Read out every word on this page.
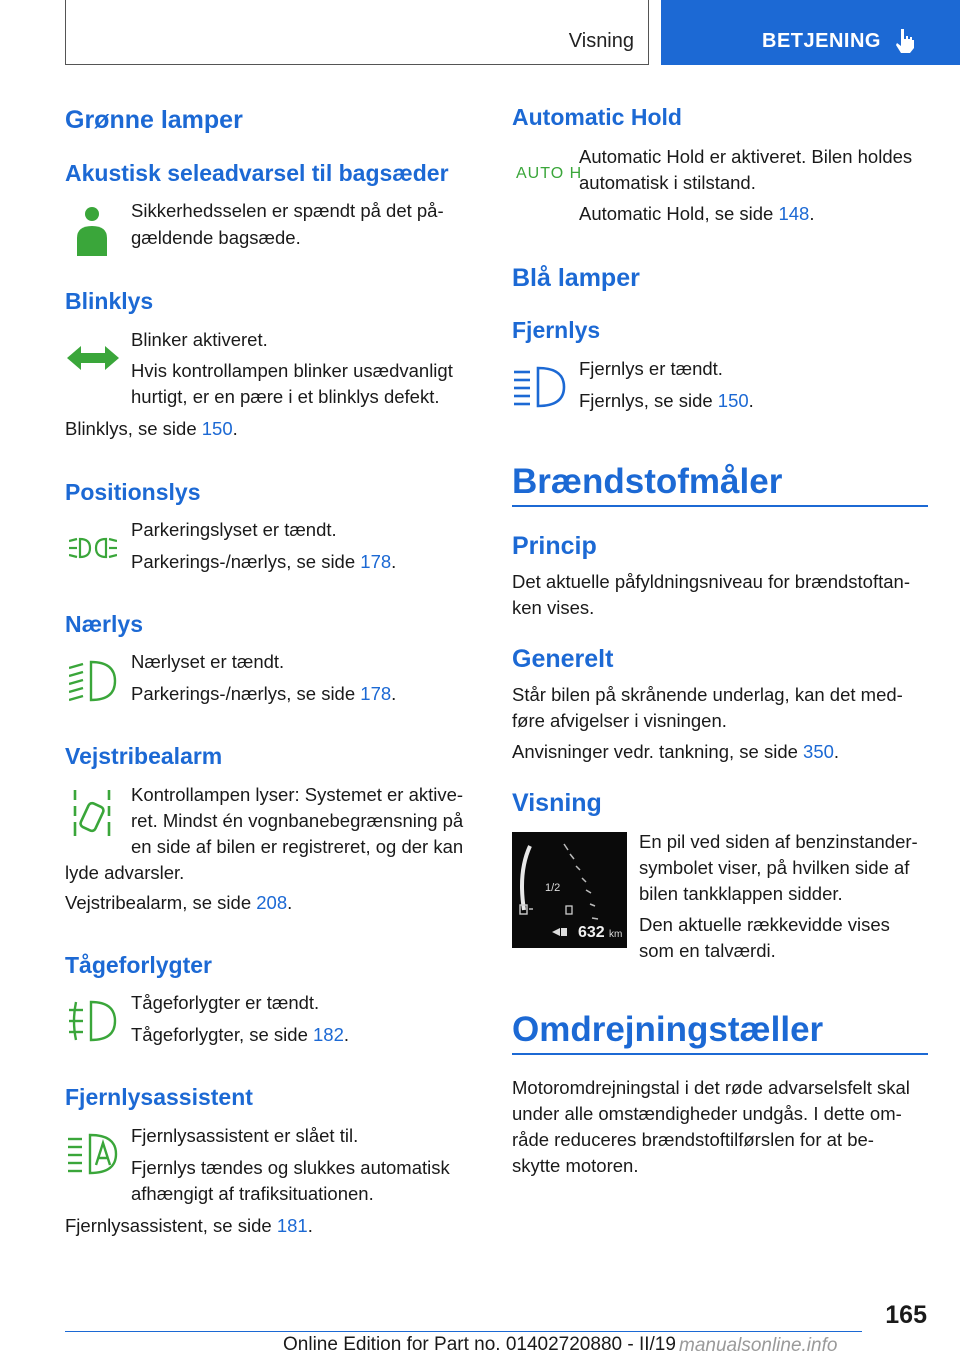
Visning	BETJENING
Grønne lamper
Akustisk seleadvarsel til bagsæder
Sikkerhedsselen er spændt på det på-
gældende bagsæde.
Blinklys
Blinker aktiveret.
Hvis kontrollampen blinker usædvanligt
hurtigt, er en pære i et blinklys defekt.
Blinklys, se side 150.
Positionslys
Parkeringslyset er tændt.
Parkerings-/nærlys, se side 178.
Nærlys
Nærlyset er tændt.
Parkerings-/nærlys, se side 178.
Vejstribealarm
Kontrollampen lyser: Systemet er aktive-
ret. Mindst én vognbanebegrænsning på
en side af bilen er registreret, og der kan
lyde advarsler.
Vejstribealarm, se side 208.
Tågeforlygter
Tågeforlygter er tændt.
Tågeforlygter, se side 182.
Fjernlysassistent
Fjernlysassistent er slået til.
Fjernlys tændes og slukkes automatisk
afhængigt af trafiksituationen.
Fjernlysassistent, se side 181.
Automatic Hold
AUTO H
Automatic Hold er aktiveret. Bilen holdes
automatisk i stilstand.
Automatic Hold, se side 148.
Blå lamper
Fjernlys
Fjernlys er tændt.
Fjernlys, se side 150.
Brændstofmåler
Princip
Det aktuelle påfyldningsniveau for brændstoftan-
ken vises.
Generelt
Står bilen på skrånende underlag, kan det med-
føre afvigelser i visningen.
Anvisninger vedr. tankning, se side 350.
Visning
1/2
632 km
En pil ved siden af benzinstander-
symbolet viser, på hvilken side af
bilen tankklappen sidder.
Den aktuelle rækkevidde vises
som en talværdi.
Omdrejningstæller
Motoromdrejningstal i det røde advarselsfelt skal
under alle omstændigheder undgås. I dette om-
råde reduceres brændstoftilførslen for at be-
skytte motoren.
165
Online Edition for Part no. 01402720880 - II/19 manualsonline.info
